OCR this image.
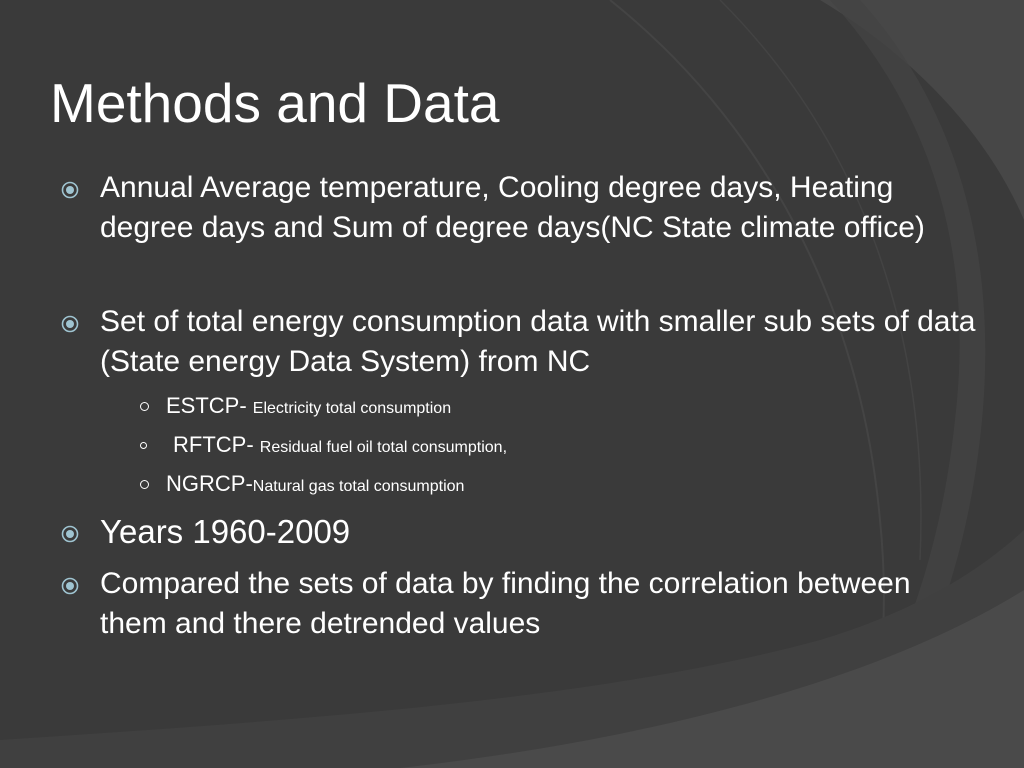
Methods and Data
Annual Average temperature, Cooling degree days, Heating degree days and Sum of degree days(NC State climate office)
Set of total energy consumption data with smaller sub sets of data (State energy Data System) from NC
ESTCP- Electricity total consumption
RFTCP- Residual fuel oil total consumption,
NGRCP-Natural gas total consumption
Years 1960-2009
Compared the sets of data by finding the correlation between them and there detrended values
